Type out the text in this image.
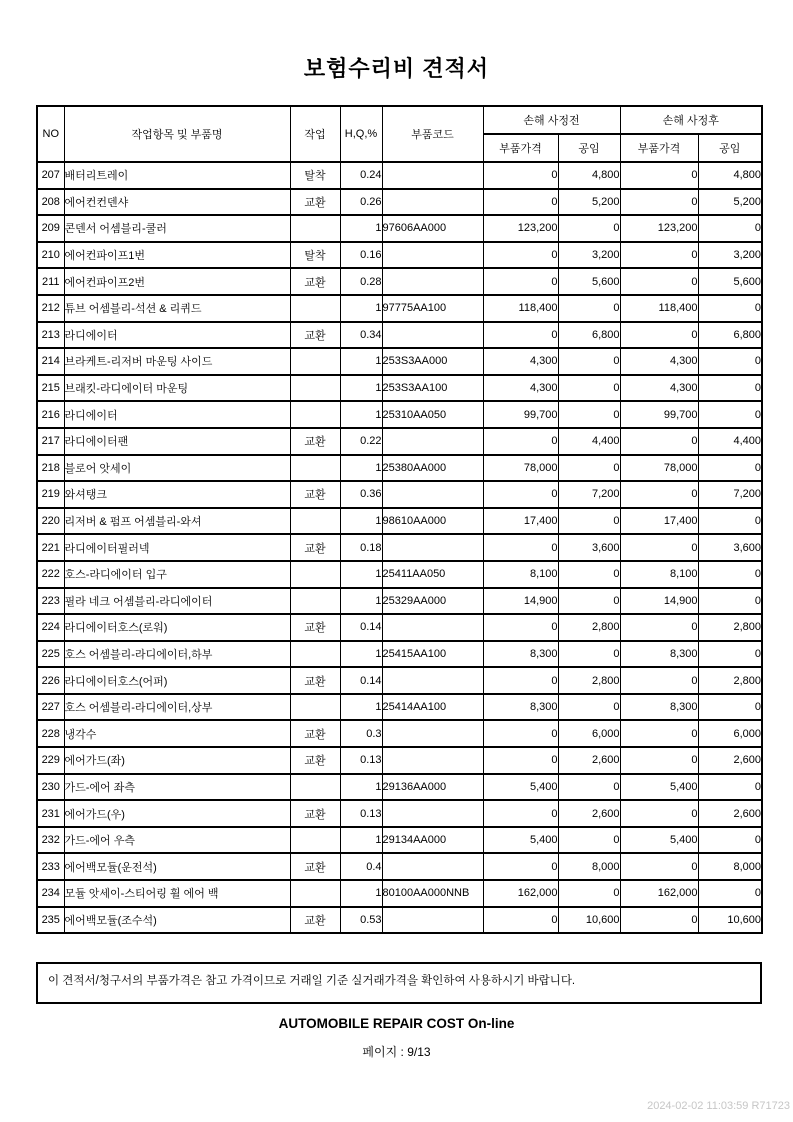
보험수리비 견적서
NO	작업항목 및 부품명	작업	H,Q,%	부품코드	손해 사정전		손해 사정후	
					부품가격	공임	부품가격	공임
207	배터리트레이	탈착	0.24		0	4,800	0	4,800
208	에어컨컨덴샤	교환	0.26		0	5,200	0	5,200
209	콘덴서 어셈블리-쿨러		1	97606AA000	123,200	0	123,200	0
210	에어컨파이프1번	탈착	0.16		0	3,200	0	3,200
211	에어컨파이프2번	교환	0.28		0	5,600	0	5,600
212	튜브 어셈블리-석션 & 리퀴드		1	97775AA100	118,400	0	118,400	0
213	라디에이터	교환	0.34		0	6,800	0	6,800
214	브라케트-리저버 마운팅 사이드		1	253S3AA000	4,300	0	4,300	0
215	브래킷-라디에이터 마운팅		1	253S3AA100	4,300	0	4,300	0
216	라디에이터		1	25310AA050	99,700	0	99,700	0
217	라디에이터팬	교환	0.22		0	4,400	0	4,400
218	블로어 앗세이		1	25380AA000	78,000	0	78,000	0
219	와셔탱크	교환	0.36		0	7,200	0	7,200
220	리저버 & 펌프 어셈블리-와셔		1	98610AA000	17,400	0	17,400	0
221	라디에이터필러넥	교환	0.18		0	3,600	0	3,600
222	호스-라디에이터 입구		1	25411AA050	8,100	0	8,100	0
223	필라 네크 어셈블리-라디에이터		1	25329AA000	14,900	0	14,900	0
224	라디에이터호스(로워)	교환	0.14		0	2,800	0	2,800
225	호스 어셈블리-라디에이터,하부		1	25415AA100	8,300	0	8,300	0
226	라디에이터호스(어퍼)	교환	0.14		0	2,800	0	2,800
227	호스 어셈블리-라디에이터,상부		1	25414AA100	8,300	0	8,300	0
228	냉각수	교환	0.3		0	6,000	0	6,000
229	에어가드(좌)	교환	0.13		0	2,600	0	2,600
230	가드-에어 좌측		1	29136AA000	5,400	0	5,400	0
231	에어가드(우)	교환	0.13		0	2,600	0	2,600
232	가드-에어 우측		1	29134AA000	5,400	0	5,400	0
233	에어백모듈(운전석)	교환	0.4		0	8,000	0	8,000
234	모듈 앗세이-스티어링 휠 에어 백		1	80100AA000NNB	162,000	0	162,000	0
235	에어백모듈(조수석)	교환	0.53		0	10,600	0	10,600
이 견적서/청구서의 부품가격은 참고 가격이므로 거래일 기준 실거래가격을 확인하여 사용하시기 바랍니다.
AUTOMOBILE REPAIR COST On-line
페이지 : 9/13
2024-02-02 11:03:59 R71723
